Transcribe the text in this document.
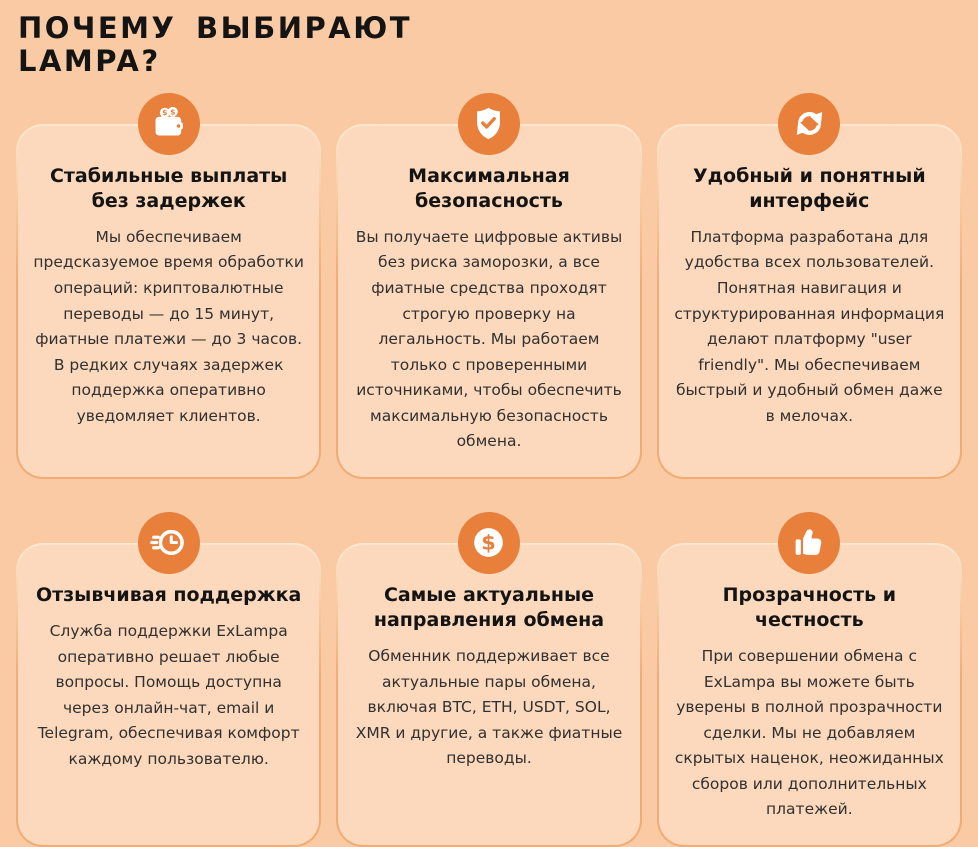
ПОЧЕМУ ВЫБИРАЮТ
LAMPA?
$ $
Стабильные выплаты без задержек

Мы обеспечиваем предсказуемое время обработки операций: криптовалютные переводы — до 15 минут, фиатные платежи — до 3 часов. В редких случаях задержек поддержка оперативно уведомляет клиентов.

Максимальная безопасность

Вы получаете цифровые активы без риска заморозки, а все фиатные средства проходят строгую проверку на легальность. Мы работаем только с проверенными источниками, чтобы обеспечить максимальную безопасность обмена.

Удобный и понятный интерфейс

Платформа разработана для удобства всех пользователей. Понятная навигация и структурированная информация делают платформу "user friendly". Мы обеспечиваем быстрый и удобный обмен даже в мелочах.

Отзывчивая поддержка

Служба поддержки ExLampa оперативно решает любые вопросы. Помощь доступна через онлайн-чат, email и Telegram, обеспечивая комфорт каждому пользователю.

$
Самые актуальные направления обмена

Обменник поддерживает все актуальные пары обмена, включая BTC, ETH, USDT, SOL, XMR и другие, а также фиатные переводы.

Прозрачность и честность

При совершении обмена с ExLampa вы можете быть уверены в полной прозрачности сделки. Мы не добавляем скрытых наценок, неожиданных сборов или дополнительных платежей.
